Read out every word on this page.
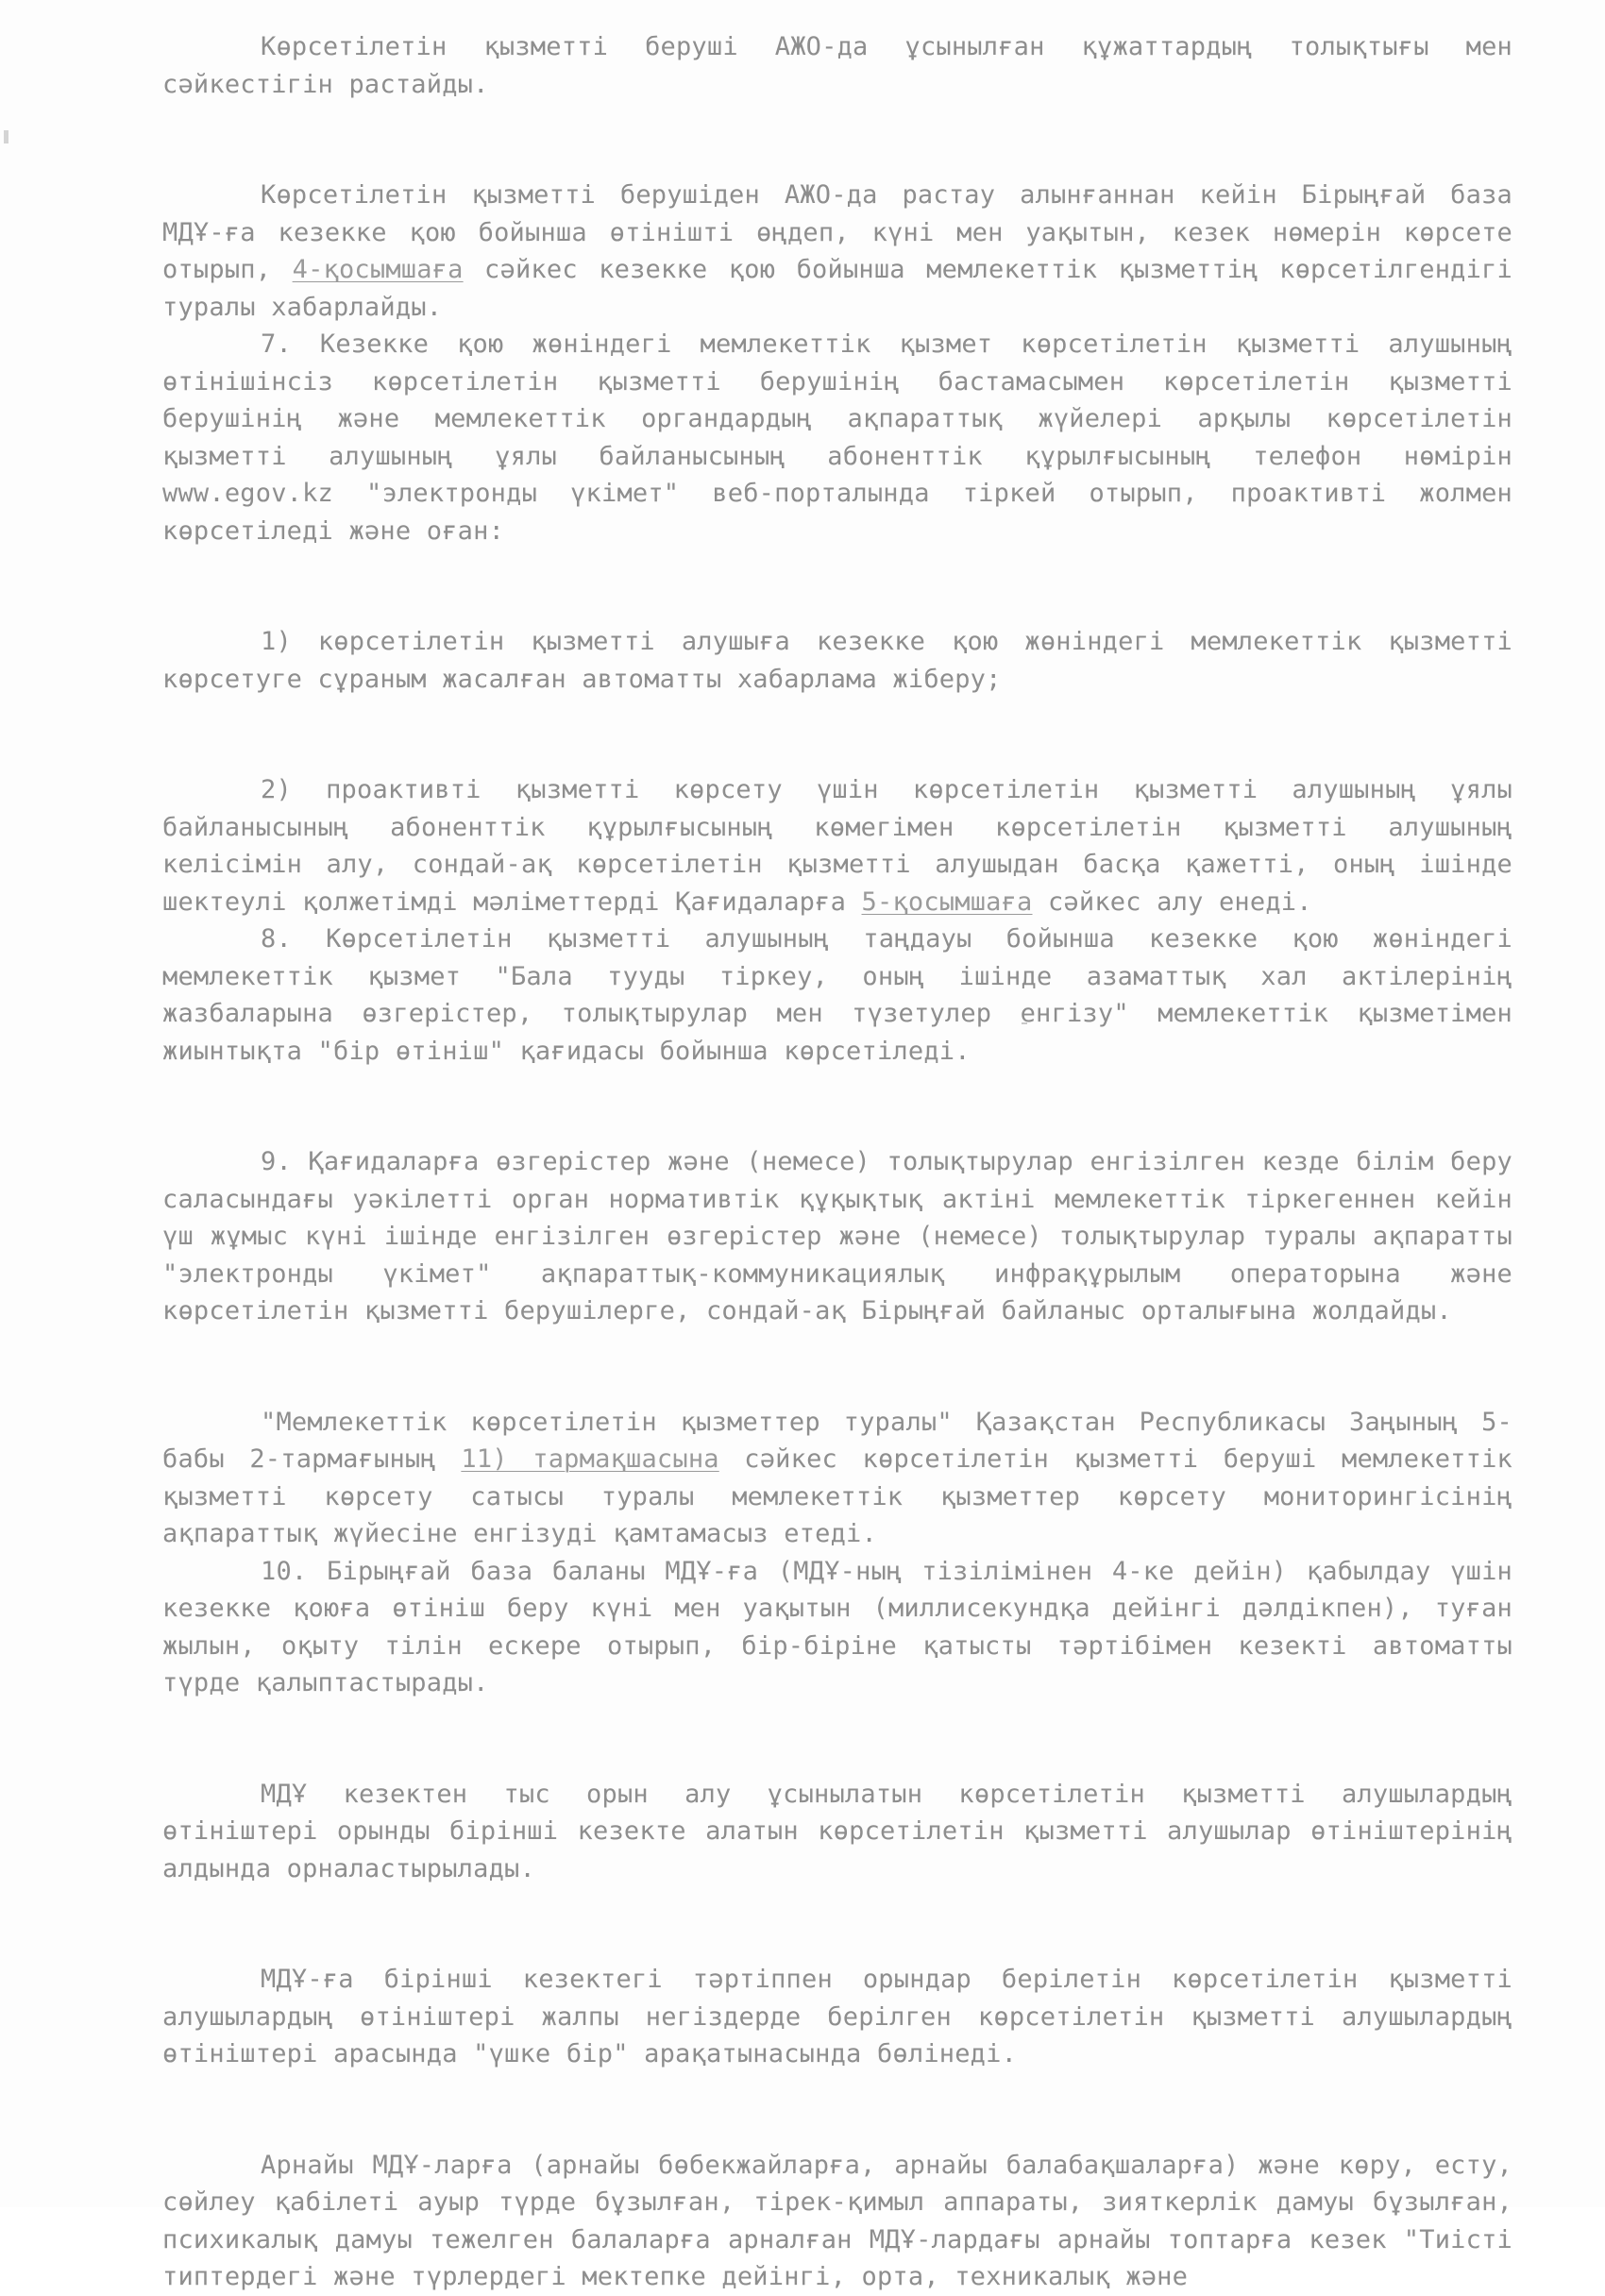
Көрсетілетін қызметті беруші АЖО-да ұсынылған құжаттардың толықтығы мен сәйкестігін растайды.
Көрсетілетін қызметті берушіден АЖО-да растау алынғаннан кейін Бірыңғай база МДҰ-ға кезекке қою бойынша өтінішті өңдеп, күні мен уақытын, кезек нөмерін көрсете отырып, 4-қосымшаға сәйкес кезекке қою бойынша мемлекеттік қызметтің көрсетілгендігі туралы хабарлайды.
7. Кезекке қою жөніндегі мемлекеттік қызмет көрсетілетін қызметті алушының өтінішінсіз көрсетілетін қызметті берушінің бастамасымен көрсетілетін қызметті берушінің және мемлекеттік органдардың ақпараттық жүйелері арқылы көрсетілетін қызметті алушының ұялы байланысының абоненттік құрылғысының телефон нөмірін www.egov.kz "электронды үкімет" веб-порталында тіркей отырып, проактивті жолмен көрсетіледі және оған:
1) көрсетілетін қызметті алушыға кезекке қою жөніндегі мемлекеттік қызметті көрсетуге сұраным жасалған автоматты хабарлама жіберу;
2) проактивті қызметті көрсету үшін көрсетілетін қызметті алушының ұялы байланысының абоненттік құрылғысының көмегімен көрсетілетін қызметті алушының келісімін алу, сондай-ақ көрсетілетін қызметті алушыдан басқа қажетті, оның ішінде шектеулі қолжетімді мәліметтерді Қағидаларға 5-қосымшаға сәйкес алу енеді.
8. Көрсетілетін қызметті алушының таңдауы бойынша кезекке қою жөніндегі мемлекеттік қызмет "Бала тууды тіркеу, оның ішінде азаматтық хал актілерінің жазбаларына өзгерістер, толықтырулар мен түзетулер енгізу" мемлекеттік қызметімен жиынтықта "бір өтініш" қағидасы бойынша көрсетіледі.
9. Қағидаларға өзгерістер және (немесе) толықтырулар енгізілген кезде білім беру саласындағы уәкілетті орган нормативтік құқықтық актіні мемлекеттік тіркегеннен кейін үш жұмыс күні ішінде енгізілген өзгерістер және (немесе) толықтырулар туралы ақпаратты "электронды үкімет" ақпараттық-коммуникациялық инфрақұрылым операторына және көрсетілетін қызметті берушілерге, сондай-ақ Бірыңғай байланыс орталығына жолдайды.
"Мемлекеттік көрсетілетін қызметтер туралы" Қазақстан Республикасы Заңының 5- бабы 2-тармағының 11) тармақшасына сәйкес көрсетілетін қызметті беруші мемлекеттік қызметті көрсету сатысы туралы мемлекеттік қызметтер көрсету мониторингісінің ақпараттық жүйесіне енгізуді қамтамасыз етеді.
10. Бірыңғай база баланы МДҰ-ға (МДҰ-ның тізілімінен 4-ке дейін) қабылдау үшін кезекке қоюға өтініш беру күні мен уақытын (миллисекундқа дейінгі дәлдікпен), туған жылын, оқыту тілін ескере отырып, бір-біріне қатысты тәртібімен кезекті автоматты түрде қалыптастырады.
МДҰ кезектен тыс орын алу ұсынылатын көрсетілетін қызметті алушылардың өтініштері орынды бірінші кезекте алатын көрсетілетін қызметті алушылар өтініштерінің алдында орналастырылады.
МДҰ-ға бірінші кезектегі тәртіппен орындар берілетін көрсетілетін қызметті алушылардың өтініштері жалпы негіздерде берілген көрсетілетін қызметті алушылардың өтініштері арасында "үшке бір" арақатынасында бөлінеді.
Арнайы МДҰ-ларға (арнайы бөбекжайларға, арнайы балабақшаларға) және көру, есту, сөйлеу қабілеті ауыр түрде бұзылған, тірек-қимыл аппараты, зияткерлік дамуы бұзылған, психикалық дамуы тежелген балаларға арналған МДҰ-лардағы арнайы топтарға кезек "Тиісті типтердегі және түрлердегі мектепке дейінгі, орта, техникалық және
